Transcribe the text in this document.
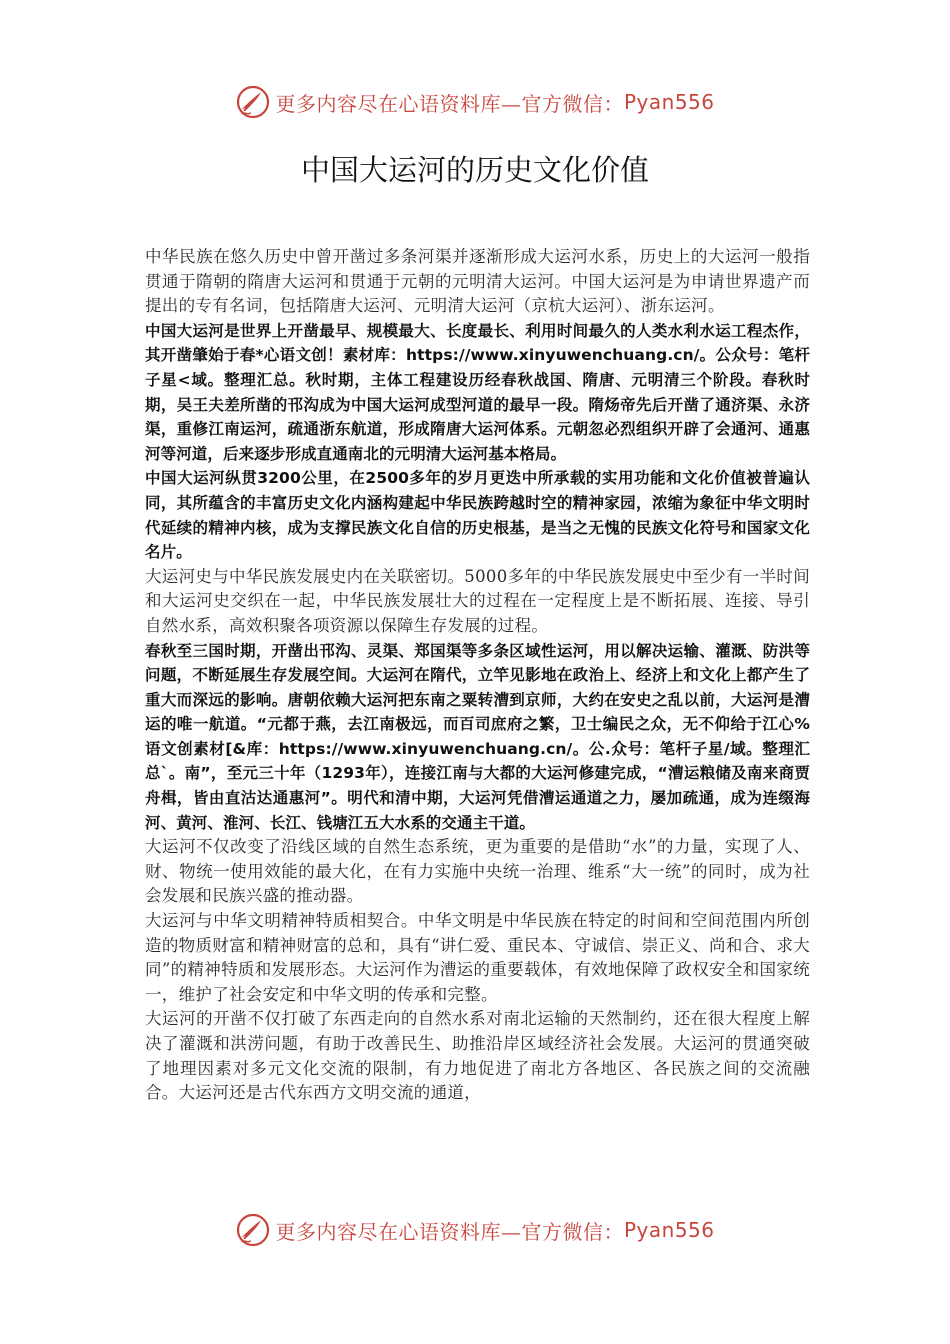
更多内容尽在心语资料库—官方微信： Pyan556
中国大运河的历史文化价值

中华民族在悠久历史中曾开凿过多条河渠并逐渐形成大运河水系，历史上的大运河一般指贯通于隋朝的隋唐大运河和贯通于元朝的元明清大运河。中国大运河是为申请世界遗产而提出的专有名词，包括隋唐大运河、元明清大运河（京杭大运河）、浙东运河。

中国大运河是世界上开凿最早、规模最大、长度最长、利用时间最久的人类水利水运工程杰作，其开凿肇始于春*心语文创！素材库：https://www.xinyuwenchuang.cn/。公众号：笔杆子星<域。整理汇总。秋时期，主体工程建设历经春秋战国、隋唐、元明清三个阶段。春秋时期，吴王夫差所凿的邗沟成为中国大运河成型河道的最早一段。隋炀帝先后开凿了通济渠、永济渠，重修江南运河，疏通浙东航道，形成隋唐大运河体系。元朝忽必烈组织开辟了会通河、通惠河等河道，后来逐步形成直通南北的元明清大运河基本格局。

中国大运河纵贯3200公里，在2500多年的岁月更迭中所承载的实用功能和文化价值被普遍认同，其所蕴含的丰富历史文化内涵构建起中华民族跨越时空的精神家园，浓缩为象征中华文明时代延续的精神内核，成为支撑民族文化自信的历史根基，是当之无愧的民族文化符号和国家文化名片。

大运河史与中华民族发展史内在关联密切。5000多年的中华民族发展史中至少有一半时间和大运河史交织在一起，中华民族发展壮大的过程在一定程度上是不断拓展、连接、导引自然水系，高效积聚各项资源以保障生存发展的过程。

春秋至三国时期，开凿出邗沟、灵渠、郑国渠等多条区域性运河，用以解决运输、灌溉、防洪等问题，不断延展生存发展空间。大运河在隋代，立竿见影地在政治上、经济上和文化上都产生了重大而深远的影响。唐朝依赖大运河把东南之粟转漕到京师，大约在安史之乱以前，大运河是漕运的唯一航道。“元都于燕，去江南极远，而百司庶府之繁，卫士编民之众，无不仰给于江心%语文创素材[&库：https://www.xinyuwenchuang.cn/。公.众号：笔杆子星/域。整理汇总`。南”，至元三十年（1293年），连接江南与大都的大运河修建完成，“漕运粮储及南来商贾舟楫，皆由直沽达通惠河”。明代和清中期，大运河凭借漕运通道之力，屡加疏通，成为连缀海河、黄河、淮河、长江、钱塘江五大水系的交通主干道。

大运河不仅改变了沿线区域的自然生态系统，更为重要的是借助“水”的力量，实现了人、财、物统一使用效能的最大化，在有力实施中央统一治理、维系“大一统”的同时，成为社会发展和民族兴盛的推动器。

大运河与中华文明精神特质相契合。中华文明是中华民族在特定的时间和空间范围内所创造的物质财富和精神财富的总和，具有“讲仁爱、重民本、守诚信、崇正义、尚和合、求大同”的精神特质和发展形态。大运河作为漕运的重要载体，有效地保障了政权安全和国家统一，维护了社会安定和中华文明的传承和完整。

大运河的开凿不仅打破了东西走向的自然水系对南北运输的天然制约，还在很大程度上解决了灌溉和洪涝问题，有助于改善民生、助推沿岸区域经济社会发展。大运河的贯通突破了地理因素对多元文化交流的限制，有力地促进了南北方各地区、各民族之间的交流融合。大运河还是古代东西方文明交流的通道，

更多内容尽在心语资料库—官方微信： Pyan556
